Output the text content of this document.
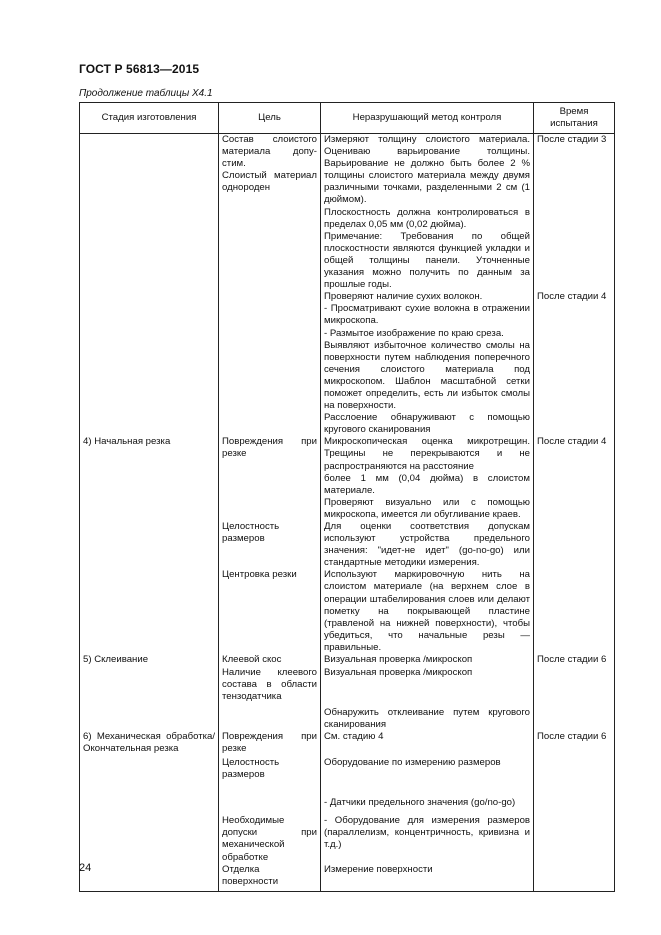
ГОСТ Р 56813—2015
Продолжение таблицы X4.1
Стадия изготовления	Цель	Неразрушающий метод контроля	Время испытания

	Состав слоистого материала допу-стим.
Слоистый материал однороден	Измеряют толщину слоистого материала. Оцениваю варьирование толщины. Варьирование не должно быть более 2 % толщины слоистого материала между двумя различными точками, разделенными 2 см (1 дюймом).
Плоскостность должна контролироваться в пределах 0,05 мм (0,02 дюйма).
Примечание: Требования по общей плоскостности являются функцией укладки и общей толщины панели. Уточненные указания можно получить по данным за прошлые годы.	После стадии 3

		Проверяют наличие сухих волокон.
- Просматривают сухие волокна в отражении микроскопа.
- Размытое изображение по краю среза.
Выявляют избыточное количество смолы на поверхности путем наблюдения поперечного сечения слоистого материала под микроскопом. Шаблон масштабной сетки поможет определить, есть ли избыток смолы на поверхности.
Расслоение обнаруживают с помощью кругового сканирования	После стадии 4
4) Начальная резка	Повреждения при резке	Микроскопическая оценка микротрещин. Трещины не перекрываются и не распространяются на расстояние
более 1 мм (0,04 дюйма) в слоистом материале.
Проверяют визуально или с помощью микроскопа, имеется ли обугливание краев.	После стадии 4

	Целостность размеров	Для оценки соответствия допускам используют устройства предельного значения: "идет-не идет" (go-no-go) или стандартные методики измерения.	

	Центровка резки	Используют маркировочную нить на слоистом материале (на верхнем слое в операции штабелирования слоев или делают пометку на покрывающей пластине (травленой на нижней поверхности), чтобы убедиться, что начальные резы — правильные.	

5) Склеивание	Клеевой скос	Визуальная проверка /микроскоп	После стадии 6

	Наличие клеевого состава в области тензодатчика	Визуальная проверка /микроскоп	

		Обнаружить отклеивание путем кругового сканирования	

6) Механическая обработка/Окончательная резка	Повреждения при резке	См. стадию 4	После стадии 6

	Целостность размеров	Оборудование по измерению размеров	

		- Датчики предельного значения (go/no-go)	

	Необходимые допуски при механической обработке	- Оборудование для измерения размеров (параллелизм, концентричность, кривизна и т.д.)	

	Отделка поверхности	Измерение поверхности	

24
